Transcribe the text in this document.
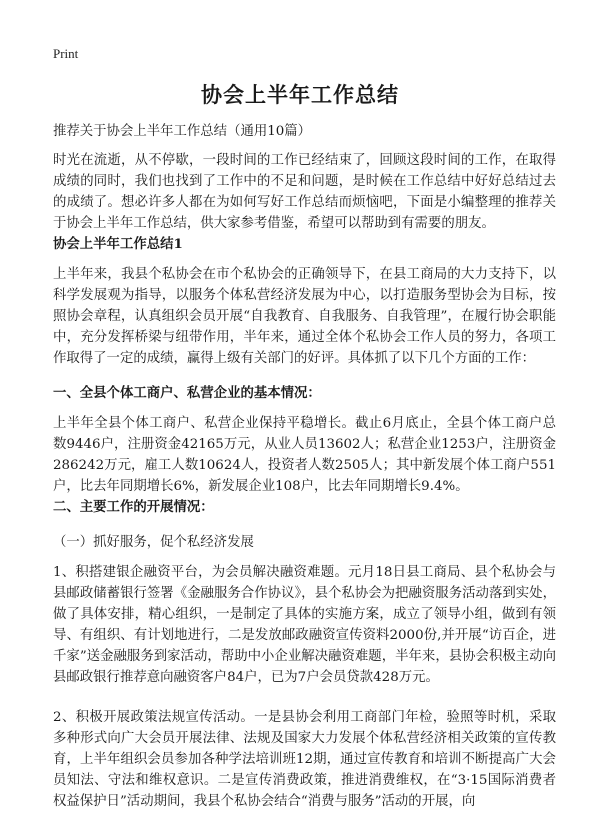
Print
协会上半年工作总结
推荐关于协会上半年工作总结（通用10篇）
时光在流逝，从不停歇，一段时间的工作已经结束了，回顾这段时间的工作，在取得成绩的同时，我们也找到了工作中的不足和问题，是时候在工作总结中好好总结过去的成绩了。想必许多人都在为如何写好工作总结而烦恼吧，下面是小编整理的推荐关于协会上半年工作总结，供大家参考借鉴，希望可以帮助到有需要的朋友。
协会上半年工作总结1
上半年来，我县个私协会在市个私协会的正确领导下，在县工商局的大力支持下，以科学发展观为指导，以服务个体私营经济发展为中心，以打造服务型协会为目标，按照协会章程，认真组织会员开展“自我教育、自我服务、自我管理”，在履行协会职能中，充分发挥桥梁与纽带作用，半年来，通过全体个私协会工作人员的努力，各项工作取得了一定的成绩，赢得上级有关部门的好评。具体抓了以下几个方面的工作：
一、全县个体工商户、私营企业的基本情况：
上半年全县个体工商户、私营企业保持平稳增长。截止6月底止，全县个体工商户总数9446户，注册资金42165万元，从业人员13602人；私营企业1253户，注册资金286242万元，雇工人数10624人，投资者人数2505人；其中新发展个体工商户551户，比去年同期增长6%，新发展企业108户，比去年同期增长9.4%。
二、主要工作的开展情况：
（一）抓好服务，促个私经济发展
1、积搭建银企融资平台，为会员解决融资难题。元月18日县工商局、县个私协会与县邮政储蓄银行签署《金融服务合作协议》，县个私协会为把融资服务活动落到实处，做了具体安排，精心组织，一是制定了具体的实施方案，成立了领导小组，做到有领导、有组织、有计划地进行，二是发放邮政融资宣传资料2000份,并开展“访百企，进千家”送金融服务到家活动，帮助中小企业解决融资难题，半年来，县协会积极主动向县邮政银行推荐意向融资客户84户，已为7户会员贷款428万元。
2、积极开展政策法规宣传活动。一是县协会利用工商部门年检，验照等时机，采取多种形式向广大会员开展法律、法规及国家大力发展个体私营经济相关政策的宣传教育，上半年组织会员参加各种学法培训班12期，通过宣传教育和培训不断提高广大会员知法、守法和维权意识。二是宣传消费政策，推进消费维权，在“3·15国际消费者权益保护日”活动期间，我县个私协会结合“消费与服务”活动的开展，向
